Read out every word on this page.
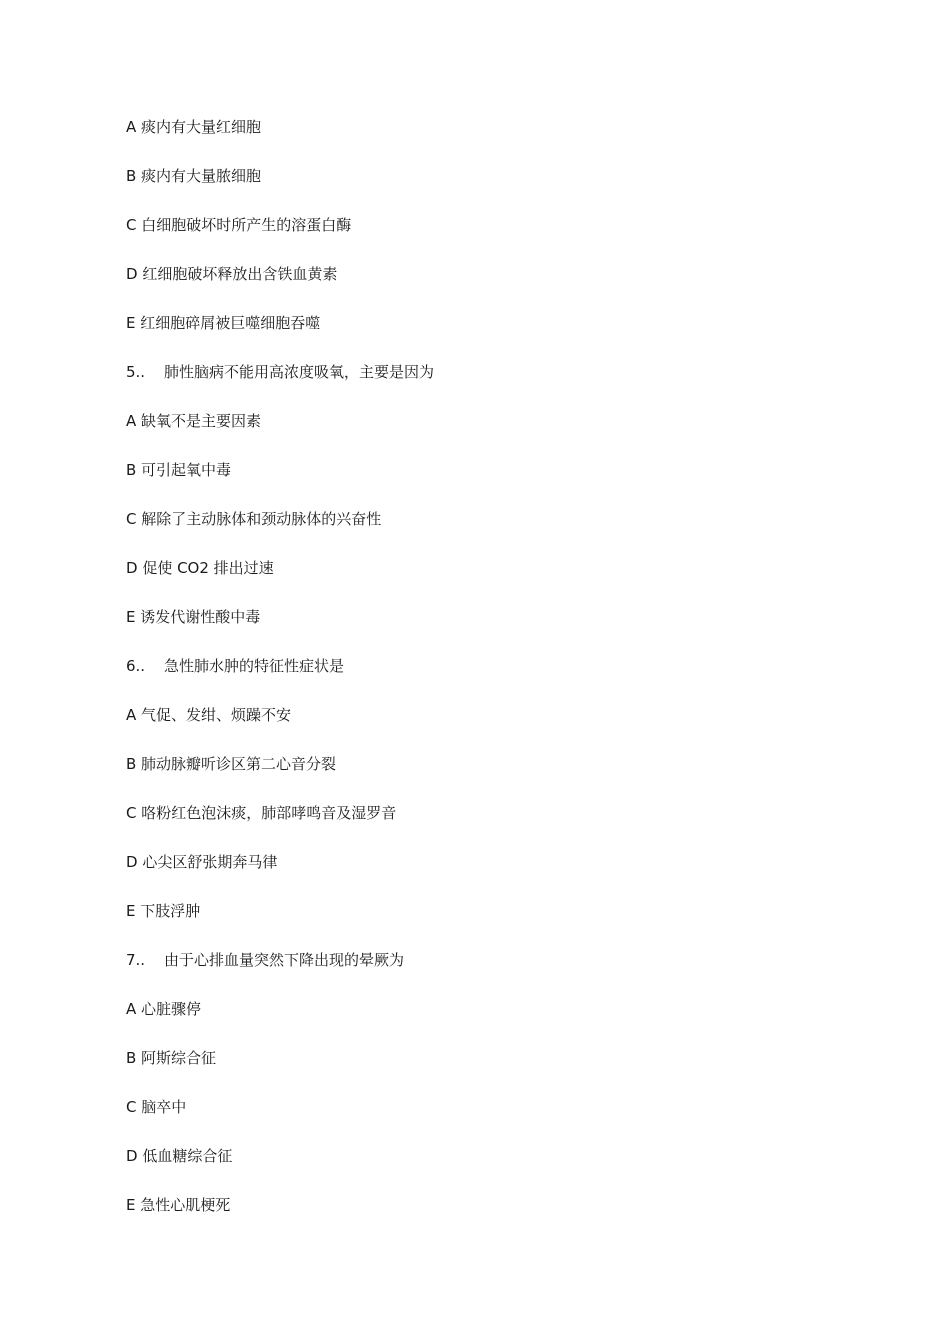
A 痰内有大量红细胞
B 痰内有大量脓细胞
C 白细胞破坏时所产生的溶蛋白酶
D 红细胞破坏释放出含铁血黄素
E 红细胞碎屑被巨噬细胞吞噬
5.. 肺性脑病不能用高浓度吸氧，主要是因为
A 缺氧不是主要因素
B 可引起氧中毒
C 解除了主动脉体和颈动脉体的兴奋性
D 促使 CO2 排出过速
E 诱发代谢性酸中毒
6.. 急性肺水肿的特征性症状是
A 气促、发绀、烦躁不安
B 肺动脉瓣听诊区第二心音分裂
C 咯粉红色泡沫痰，肺部哮鸣音及湿罗音
D 心尖区舒张期奔马律
E 下肢浮肿
7.. 由于心排血量突然下降出现的晕厥为
A 心脏骤停
B 阿斯综合征
C 脑卒中
D 低血糖综合征
E 急性心肌梗死
